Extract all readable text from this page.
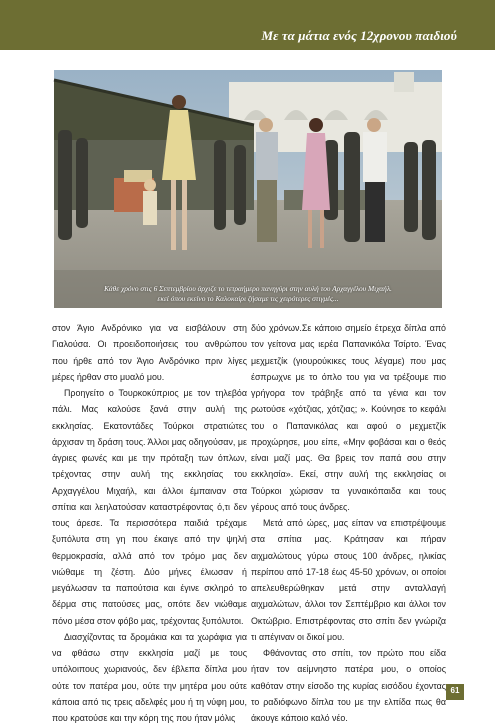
Με τα μάτια ενός 12χρονου παιδιού
Κάθε χρόνο στις 6 Σεπτεμβρίου άρχιζε το τετραήμερο πανηγύρι στην αυλή του Αρχαγγέλου Μιχαήλ.
εκεί όπου εκείνο το Καλοκαίρι ζήσαμε τις χειρότερες στιγμές...

στον Άγιο Ανδρόνικο για να εισβάλουν στη Γιαλούσα. Οι προειδοποιήσεις του ανθρώπου που ήρθε από τον Άγιο Ανδρόνικο πριν λίγες μέρες ήρθαν στο μυαλό μου.

Προηγείτο ο Τουρκοκύπριος με τον τηλεβόα πάλι. Μας καλούσε ξανά στην αυλή της εκκλησίας. Εκατοντάδες Τούρκοι στρατιώτες άρχισαν τη δράση τους. Άλλοι μας οδηγούσαν, με άγριες φωνές και με την πρόταξη των όπλων, τρέχοντας στην αυλή της εκκλησίας του Αρχαγγέλου Μιχαήλ, και άλλοι έμπαιναν στα σπίτια και λεηλατούσαν καταστρέφοντας ό,τι δεν τους άρεσε. Τα περισσότερα παιδιά τρέχαμε ξυπόλυτα στη γη που έκαιγε από την ψηλή θερμοκρασία, αλλά από τον τρόμο μας δεν νιώθαμε τη ζέστη. Δύο μήνες έλιωσαν ή μεγάλωσαν τα παπούτσια και έγινε σκληρό το δέρμα στις πατούσες μας, οπότε δεν νιώθαμε πόνο μέσα στον φόβο μας, τρέχοντας ξυπόλυτοι.

Διασχίζοντας τα δρομάκια και τα χωράφια για να φθάσω στην εκκλησία μαζί με τους υπόλοιπους χωριανούς, δεν έβλεπα δίπλα μου ούτε τον πατέρα μου, ούτε την μητέρα μου ούτε κάποια από τις τρεις αδελφές μου ή τη νύφη μου, που κρατούσε και την κόρη της που ήταν μόλις

δύο χρόνων.Σε κάποιο σημείο έτρεχα δίπλα από τον γείτονα μας ιερέα Παπανικόλα Τσίρτο. Ένας μεχμετζίκ (γιουρούκικες τους λέγαμε) που μας έσπρωχνε με το όπλο του για να τρέξουμε πιο γρήγορα τον τράβηξε από τα γένια και τον ρωτούσε «χότζιας, χότζιας; ». Κούνησε το κεφάλι του ο Παπανικόλας και αφού ο μεχμετζίκ προχώρησε, μου είπε, «Μην φοβάσαι και ο θεός είναι μαζί μας. Θα βρεις τον παπά σου στην εκκλησία». Εκεί, στην αυλή της εκκλησίας οι Τούρκοι χώρισαν τα γυναικόπαιδα και τους γέρους από τους άνδρες.

Μετά από ώρες, μας είπαν να επιστρέψουμε στα σπίτια μας. Κράτησαν και πήραν αιχμαλώτους γύρω στους 100 άνδρες, ηλικίας περίπου από 17-18 έως 45-50 χρόνων, οι οποίοι απελευθερώθηκαν μετά στην ανταλλαγή αιχμαλώτων, άλλοι τον Σεπτέμβριο και άλλοι τον Οκτώβριο. Επιστρέφοντας στο σπίτι δεν γνώριζα τι απέγιναν οι δικοί μου.

Φθάνοντας στο σπίτι, τον πρώτο που είδα ήταν τον αείμνηστο πατέρα μου, ο οποίος καθόταν στην είσοδο της κυρίας εισόδου έχοντας το ραδιόφωνο δίπλα του με την ελπίδα πως θα άκουγε κάποιο καλό νέο.

61
